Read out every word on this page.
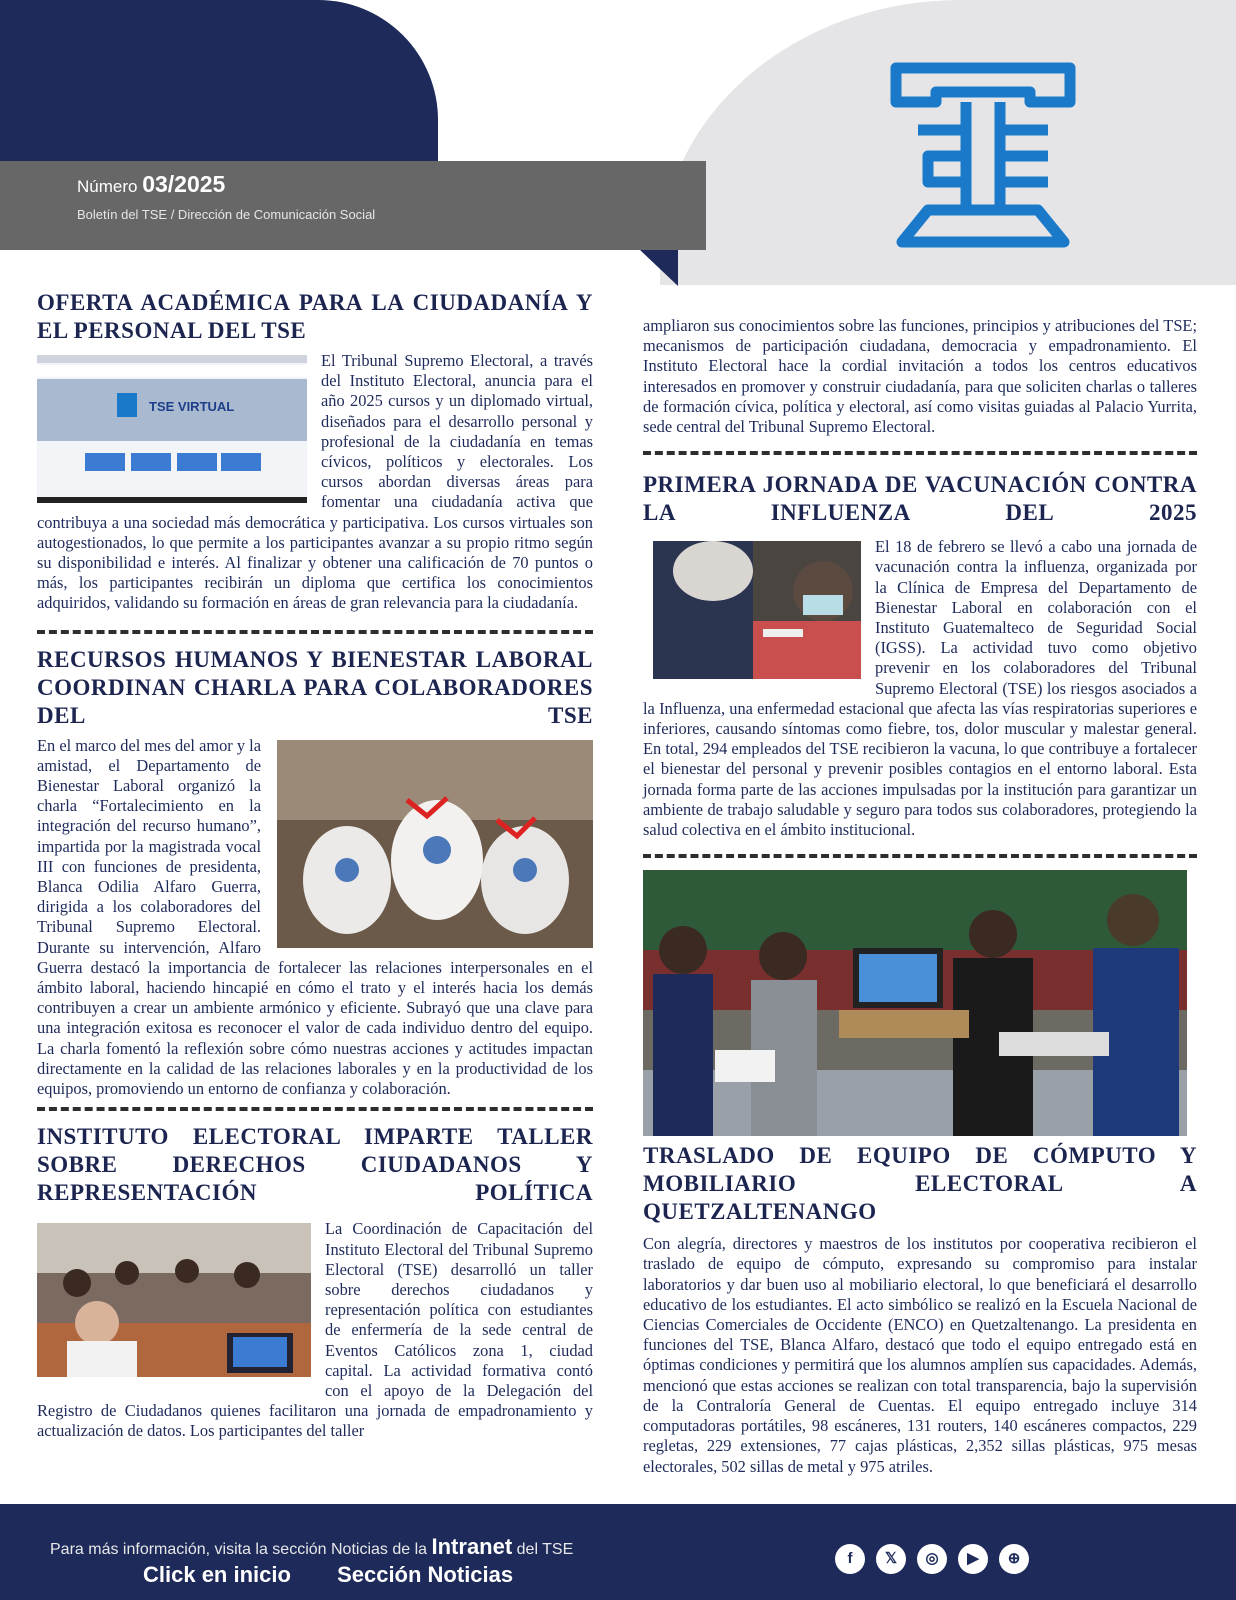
Número 03/2025
Boletín del TSE / Dirección de Comunicación Social
OFERTA ACADÉMICA PARA LA CIUDADANÍA Y EL PERSONAL DEL TSE
TSE VIRTUAL

El Tribunal Supremo Electoral, a través del Instituto Electoral, anuncia para el año 2025 cursos y un diplomado virtual, diseñados para el desarrollo personal y profesional de la ciudadanía en temas cívicos, políticos y electorales. Los cursos abordan diversas áreas para fomentar una ciudadanía activa que contribuya a una sociedad más democrática y participativa. Los cursos virtuales son autogestionados, lo que permite a los participantes avanzar a su propio ritmo según su disponibilidad e interés. Al finalizar y obtener una calificación de 70 puntos o más, los participantes recibirán un diploma que certifica los conocimientos adquiridos, validando su formación en áreas de gran relevancia para la ciudadanía.

RECURSOS HUMANOS Y BIENESTAR LABORAL COORDINAN CHARLA PARA COLABORADORES DEL TSE

En el marco del mes del amor y la amistad, el Departamento de Bienestar Laboral organizó la charla “Fortalecimiento en la integración del recurso humano”, impartida por la magistrada vocal III con funciones de presidenta, Blanca Odilia Alfaro Guerra, dirigida a los colaboradores del Tribunal Supremo Electoral. Durante su intervención, Alfaro Guerra destacó la importancia de fortalecer las relaciones interpersonales en el ámbito laboral, haciendo hincapié en cómo el trato y el interés hacia los demás contribuyen a crear un ambiente armónico y eficiente. Subrayó que una clave para una integración exitosa es reconocer el valor de cada individuo dentro del equipo. La charla fomentó la reflexión sobre cómo nuestras acciones y actitudes impactan directamente en la calidad de las relaciones laborales y en la productividad de los equipos, promoviendo un entorno de confianza y colaboración.

INSTITUTO ELECTORAL IMPARTE TALLER SOBRE DERECHOS CIUDADANOS Y REPRESENTACIÓN POLÍTICA

La Coordinación de Capacitación del Instituto Electoral del Tribunal Supremo Electoral (TSE) desarrolló un taller sobre derechos ciudadanos y representación política con estudiantes de enfermería de la sede central de Eventos Católicos zona 1, ciudad capital. La actividad formativa contó con el apoyo de la Delegación del Registro de Ciudadanos quienes facilitaron una jornada de empadronamiento y actualización de datos. Los participantes del taller

ampliaron sus conocimientos sobre las funciones, principios y atribuciones del TSE; mecanismos de participación ciudadana, democracia y empadronamiento. El Instituto Electoral hace la cordial invitación a todos los centros educativos interesados en promover y construir ciudadanía, para que soliciten charlas o talleres de formación cívica, política y electoral, así como visitas guiadas al Palacio Yurrita, sede central del Tribunal Supremo Electoral.

PRIMERA JORNADA DE VACUNACIÓN CONTRA LA INFLUENZA DEL 2025

El 18 de febrero se llevó a cabo una jornada de vacunación contra la influenza, organizada por la Clínica de Empresa del Departamento de Bienestar Laboral en colaboración con el Instituto Guatemalteco de Seguridad Social (IGSS). La actividad tuvo como objetivo prevenir en los colaboradores del Tribunal Supremo Electoral (TSE) los riesgos asociados a la Influenza, una enfermedad estacional que afecta las vías respiratorias superiores e inferiores, causando síntomas como fiebre, tos, dolor muscular y malestar general. En total, 294 empleados del TSE recibieron la vacuna, lo que contribuye a fortalecer el bienestar del personal y prevenir posibles contagios en el entorno laboral. Esta jornada forma parte de las acciones impulsadas por la institución para garantizar un ambiente de trabajo saludable y seguro para todos sus colaboradores, protegiendo la salud colectiva en el ámbito institucional.

TRASLADO DE EQUIPO DE CÓMPUTO Y MOBILIARIO ELECTORAL A QUETZALTENANGO

Con alegría, directores y maestros de los institutos por cooperativa recibieron el traslado de equipo de cómputo, expresando su compromiso para instalar laboratorios y dar buen uso al mobiliario electoral, lo que beneficiará el desarrollo educativo de los estudiantes. El acto simbólico se realizó en la Escuela Nacional de Ciencias Comerciales de Occidente (ENCO) en Quetzaltenango. La presidenta en funciones del TSE, Blanca Alfaro, destacó que todo el equipo entregado está en óptimas condiciones y permitirá que los alumnos amplíen sus capacidades. Además, mencionó que estas acciones se realizan con total transparencia, bajo la supervisión de la Contraloría General de Cuentas. El equipo entregado incluye 314 computadoras portátiles, 98 escáneres, 131 routers, 140 escáneres compactos, 229 regletas, 229 extensiones, 77 cajas plásticas, 2,352 sillas plásticas, 975 mesas electorales, 502 sillas de metal y 975 atriles.

Para más información, visita la sección Noticias de la Intranet del TSE
Click en inicio Sección Noticias
f	𝕏	◎	▶	⊕
